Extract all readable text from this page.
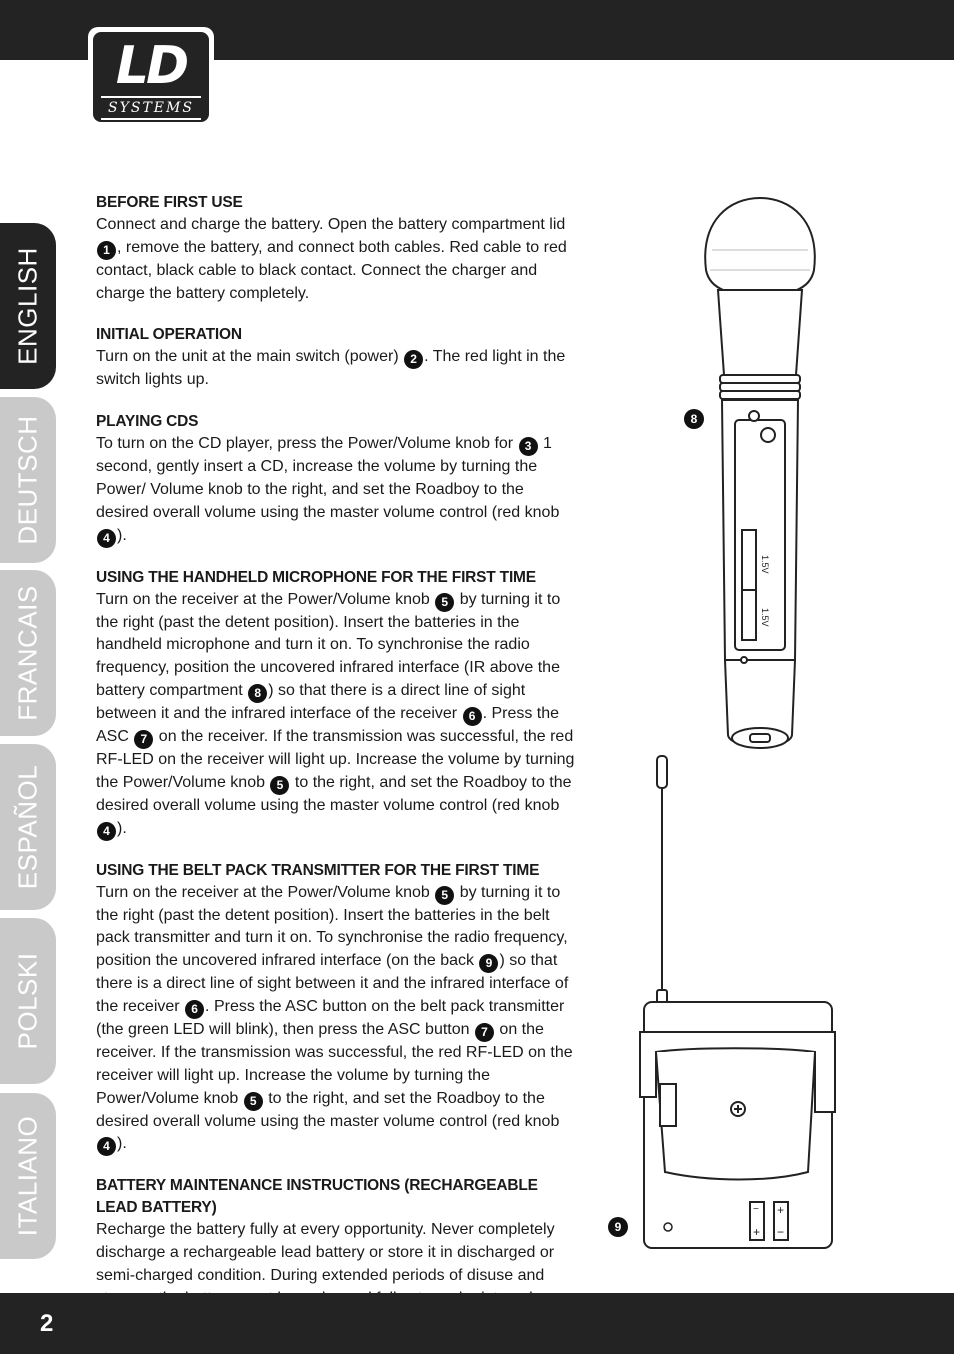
LD
SYSTEMS
ENGLISH
DEUTSCH
FRANCAIS
ESPAÑOL
POLSKI
ITALIANO
BEFORE FIRST USE

Connect and charge the battery. Open the battery compartment lid 1 , remove the battery, and connect both cables. Red cable to red contact, black cable to black contact. Connect the charger and charge the battery completely.

INITIAL OPERATION

Turn on the unit at the main switch (power) 2 . The red light in the switch lights up.

PLAYING CDS

To turn on the CD player, press the Power/Volume knob for 3 1 second, gently insert a CD, increase the volume by turning the Power/ Volume knob to the right, and set the Roadboy to the desired overall volume using the master volume control (red knob 4 ).

USING THE HANDHELD MICROPHONE FOR THE FIRST TIME

Turn on the receiver at the Power/Volume knob 5 by turning it to the right (past the detent position). Insert the batteries in the handheld microphone and turn it on. To synchronise the radio frequency, position the uncovered infrared interface (IR above the battery compartment 8 ) so that there is a direct line of sight between it and the infrared interface of the receiver 6 . Press the ASC 7 on the receiver. If the transmission was successful, the red RF-LED on the receiver will light up. Increase the volume by turning the Power/Volume knob 5 to the right, and set the Roadboy to the desired overall volume using the master volume control (red knob 4 ).

USING THE BELT PACK TRANSMITTER FOR THE FIRST TIME

Turn on the receiver at the Power/Volume knob 5 by turning it to the right (past the detent position). Insert the batteries in the belt pack transmitter and turn it on. To synchronise the radio frequency, position the uncovered infrared interface (on the back 9 ) so that there is a direct line of sight between it and the infrared interface of the receiver 6 . Press the ASC button on the belt pack transmitter (the green LED will blink), then press the ASC button 7 on the receiver. If the transmission was successful, the red RF-LED on the receiver will light up. Increase the volume by turning the Power/Volume knob 5 to the right, and set the Roadboy to the desired overall volume using the master volume control (red knob 4 ).

BATTERY MAINTENANCE INSTRUCTIONS (RECHARGEABLE LEAD BATTERY)

Recharge the battery fully at every opportunity. Never completely discharge a rechargeable lead battery or store it in discharged or semi-charged condition. During extended periods of disuse and

1.5V
1.5V
8
−
+
+
−
9
2
